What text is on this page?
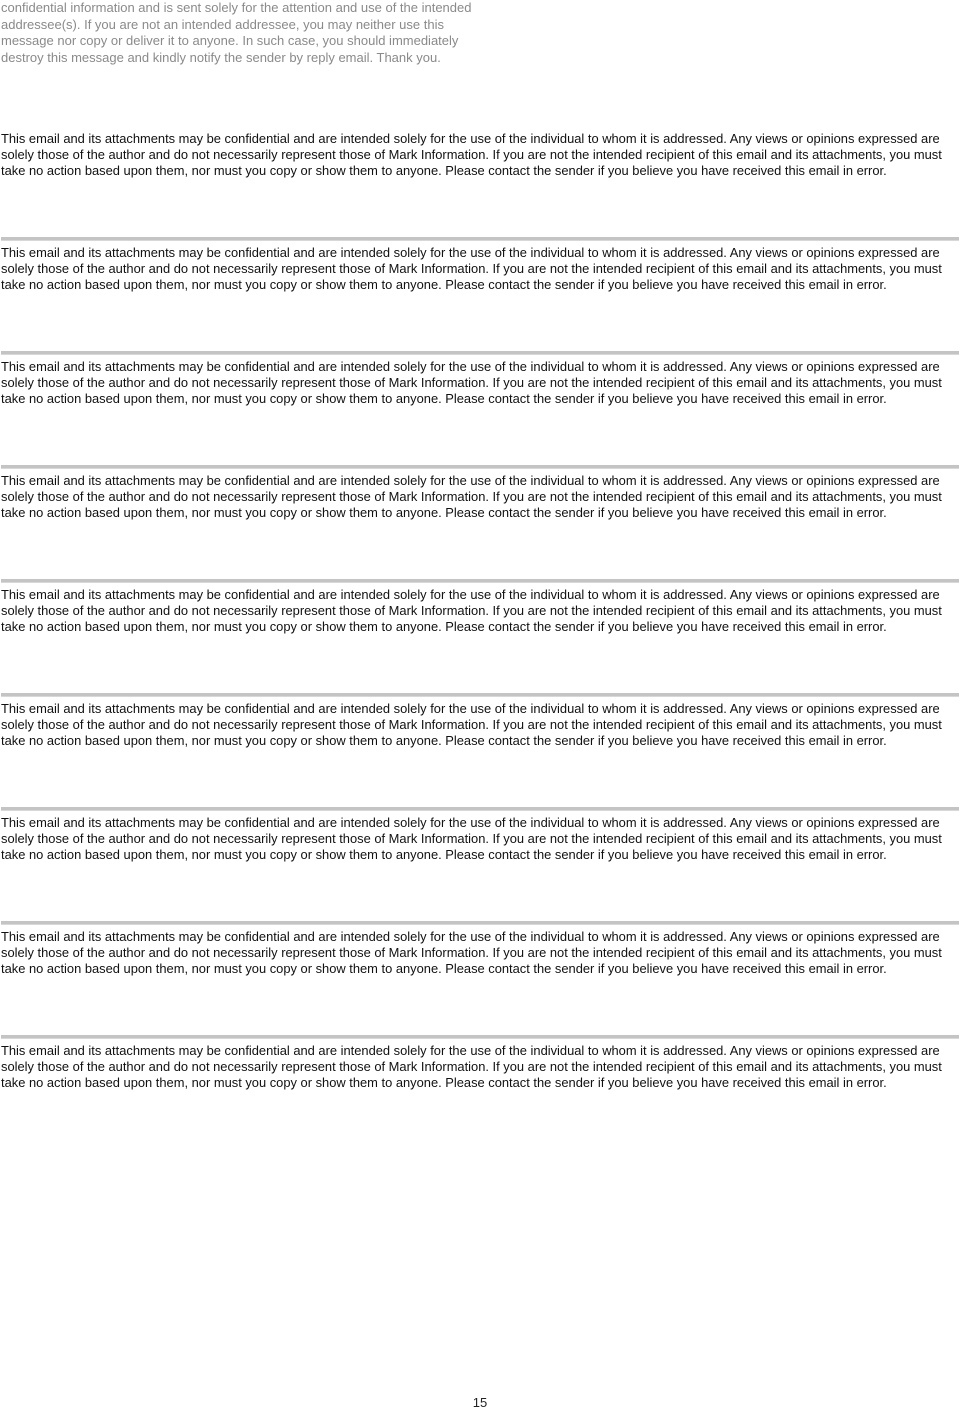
confidential information and is sent solely for the attention and use of the intended addressee(s). If you are not an intended addressee, you may neither use this message nor copy or deliver it to anyone. In such case, you should immediately destroy this message and kindly notify the sender by reply email. Thank you.

This email and its attachments may be confidential and are intended solely for the use of the individual to whom it is addressed. Any views or opinions expressed are solely those of the author and do not necessarily represent those of Mark Information. If you are not the intended recipient of this email and its attachments, you must take no action based upon them, nor must you copy or show them to anyone. Please contact the sender if you believe you have received this email in error.

This email and its attachments may be confidential and are intended solely for the use of the individual to whom it is addressed. Any views or opinions expressed are solely those of the author and do not necessarily represent those of Mark Information. If you are not the intended recipient of this email and its attachments, you must take no action based upon them, nor must you copy or show them to anyone. Please contact the sender if you believe you have received this email in error.

This email and its attachments may be confidential and are intended solely for the use of the individual to whom it is addressed. Any views or opinions expressed are solely those of the author and do not necessarily represent those of Mark Information. If you are not the intended recipient of this email and its attachments, you must take no action based upon them, nor must you copy or show them to anyone. Please contact the sender if you believe you have received this email in error.

This email and its attachments may be confidential and are intended solely for the use of the individual to whom it is addressed. Any views or opinions expressed are solely those of the author and do not necessarily represent those of Mark Information. If you are not the intended recipient of this email and its attachments, you must take no action based upon them, nor must you copy or show them to anyone. Please contact the sender if you believe you have received this email in error.

This email and its attachments may be confidential and are intended solely for the use of the individual to whom it is addressed. Any views or opinions expressed are solely those of the author and do not necessarily represent those of Mark Information. If you are not the intended recipient of this email and its attachments, you must take no action based upon them, nor must you copy or show them to anyone. Please contact the sender if you believe you have received this email in error.

This email and its attachments may be confidential and are intended solely for the use of the individual to whom it is addressed. Any views or opinions expressed are solely those of the author and do not necessarily represent those of Mark Information. If you are not the intended recipient of this email and its attachments, you must take no action based upon them, nor must you copy or show them to anyone. Please contact the sender if you believe you have received this email in error.

This email and its attachments may be confidential and are intended solely for the use of the individual to whom it is addressed. Any views or opinions expressed are solely those of the author and do not necessarily represent those of Mark Information. If you are not the intended recipient of this email and its attachments, you must take no action based upon them, nor must you copy or show them to anyone. Please contact the sender if you believe you have received this email in error.

This email and its attachments may be confidential and are intended solely for the use of the individual to whom it is addressed. Any views or opinions expressed are solely those of the author and do not necessarily represent those of Mark Information. If you are not the intended recipient of this email and its attachments, you must take no action based upon them, nor must you copy or show them to anyone. Please contact the sender if you believe you have received this email in error.

This email and its attachments may be confidential and are intended solely for the use of the individual to whom it is addressed. Any views or opinions expressed are solely those of the author and do not necessarily represent those of Mark Information. If you are not the intended recipient of this email and its attachments, you must take no action based upon them, nor must you copy or show them to anyone. Please contact the sender if you believe you have received this email in error.

15
